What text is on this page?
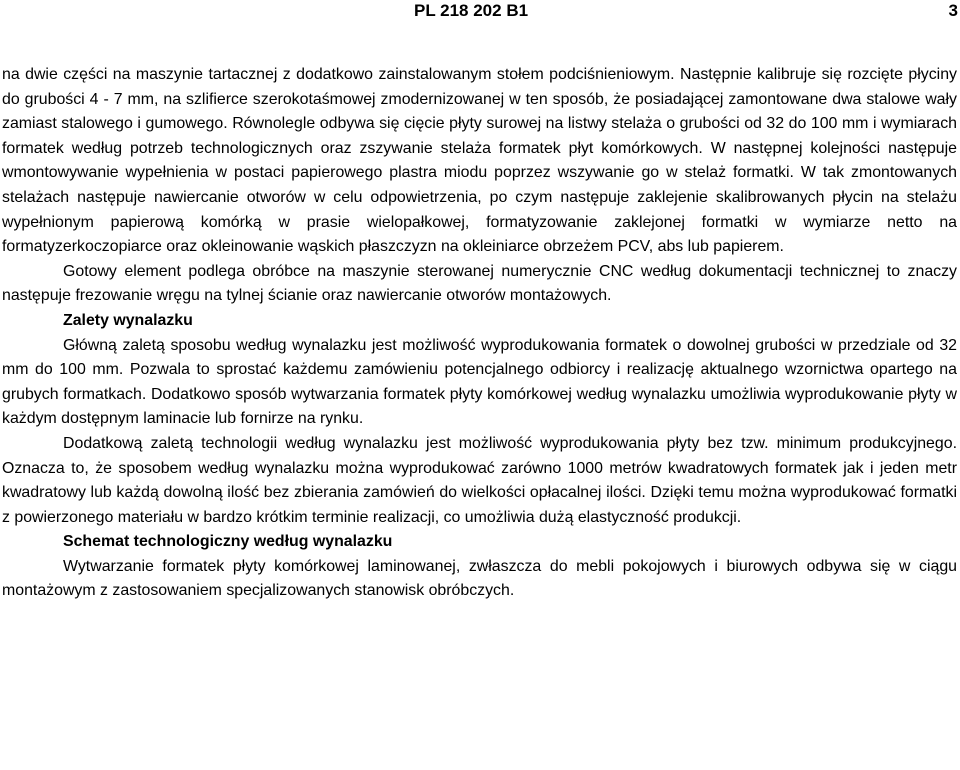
PL 218 202 B1	3

na dwie części na maszynie tartacznej z dodatkowo zainstalowanym stołem podciśnieniowym. Następnie kalibruje się rozcięte płyciny do grubości 4 - 7 mm, na szlifierce szerokotaśmowej zmodernizowanej w ten sposób, że posiadającej zamontowane dwa stalowe wały zamiast stalowego i gumowego. Równolegle odbywa się cięcie płyty surowej na listwy stelaża o grubości od 32 do 100 mm i wymiarach formatek według potrzeb technologicznych oraz zszywanie stelaża formatek płyt komórkowych. W następnej kolejności następuje wmontowywanie wypełnienia w postaci papierowego plastra miodu poprzez wszywanie go w stelaż formatki. W tak zmontowanych stelażach następuje nawiercanie otworów w celu odpowietrzenia, po czym następuje zaklejenie skalibrowanych płycin na stelażu wypełnionym papierową komórką w prasie wielopałkowej, formatyzowanie zaklejonej formatki w wymiarze netto na formatyzerkoczopiarce oraz okleinowanie wąskich płaszczyzn na okleiniarce obrzeżem PCV, abs lub papierem.

Gotowy element podlega obróbce na maszynie sterowanej numerycznie CNC według dokumentacji technicznej to znaczy następuje frezowanie wręgu na tylnej ścianie oraz nawiercanie otworów montażowych.

Zalety wynalazku

Główną zaletą sposobu według wynalazku jest możliwość wyprodukowania formatek o dowolnej grubości w przedziale od 32 mm do 100 mm. Pozwala to sprostać każdemu zamówieniu potencjalnego odbiorcy i realizację aktualnego wzornictwa opartego na grubych formatkach. Dodatkowo sposób wytwarzania formatek płyty komórkowej według wynalazku umożliwia wyprodukowanie płyty w każdym dostępnym laminacie lub fornirze na rynku.

Dodatkową zaletą technologii według wynalazku jest możliwość wyprodukowania płyty bez tzw. minimum produkcyjnego. Oznacza to, że sposobem według wynalazku można wyprodukować zarówno 1000 metrów kwadratowych formatek jak i jeden metr kwadratowy lub każdą dowolną ilość bez zbierania zamówień do wielkości opłacalnej ilości. Dzięki temu można wyprodukować formatki z powierzonego materiału w bardzo krótkim terminie realizacji, co umożliwia dużą elastyczność produkcji.

Schemat technologiczny według wynalazku

Wytwarzanie formatek płyty komórkowej laminowanej, zwłaszcza do mebli pokojowych i biurowych odbywa się w ciągu montażowym z zastosowaniem specjalizowanych stanowisk obróbczych.
